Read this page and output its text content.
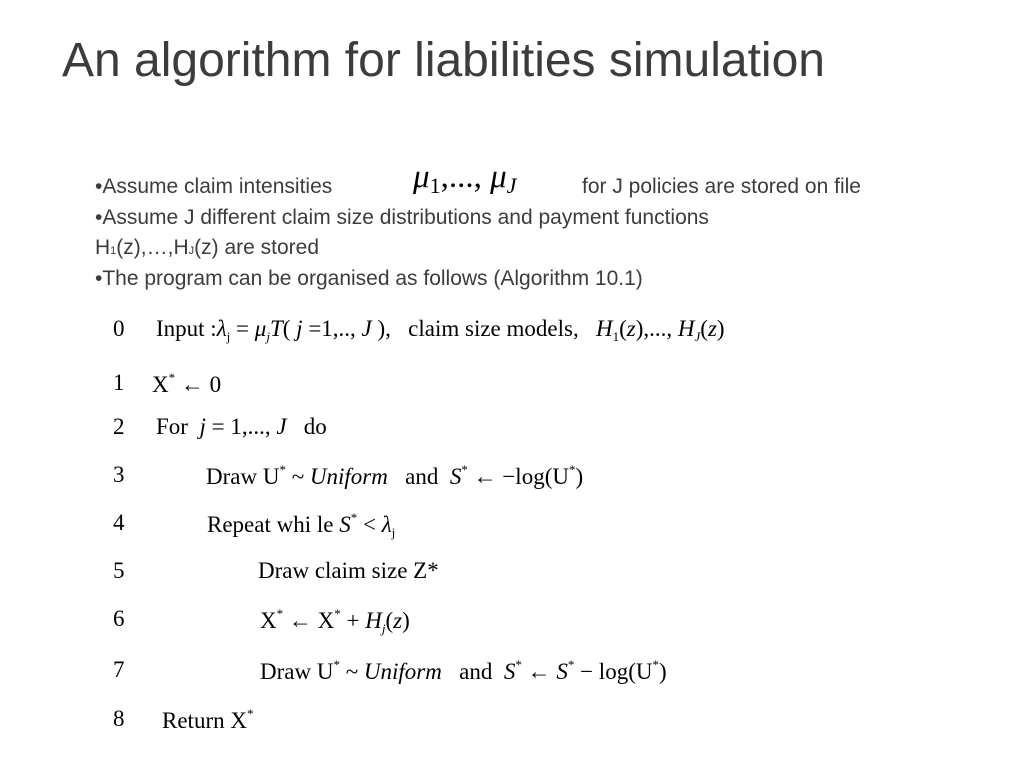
An algorithm for liabilities simulation
•Assume claim intensities μ1,..., μJ	for J policies are stored on file
•Assume J different claim size distributions and payment functions
H1(z),…,HJ(z) are stored
•The program can be organised as follows (Algorithm 10.1)
0 Input $:\lambda_j = \mu_jT$( j =1,.., J ),   claim size models,   $H_1(z)$,..., $H_J(z)$
1 X* ← 0
2 For  j = 1,..., J   do
3	Draw U* ~ Uniform   and  S* ← −log(U*)
4	Repeat whi le $S^* < \lambda_j$
5	Draw claim size Z*
6	X* ← $X^* + H_j(z)$
7	Draw U* ~ Uniform   and  S* ← S* − log(U*)
8 Return X*
